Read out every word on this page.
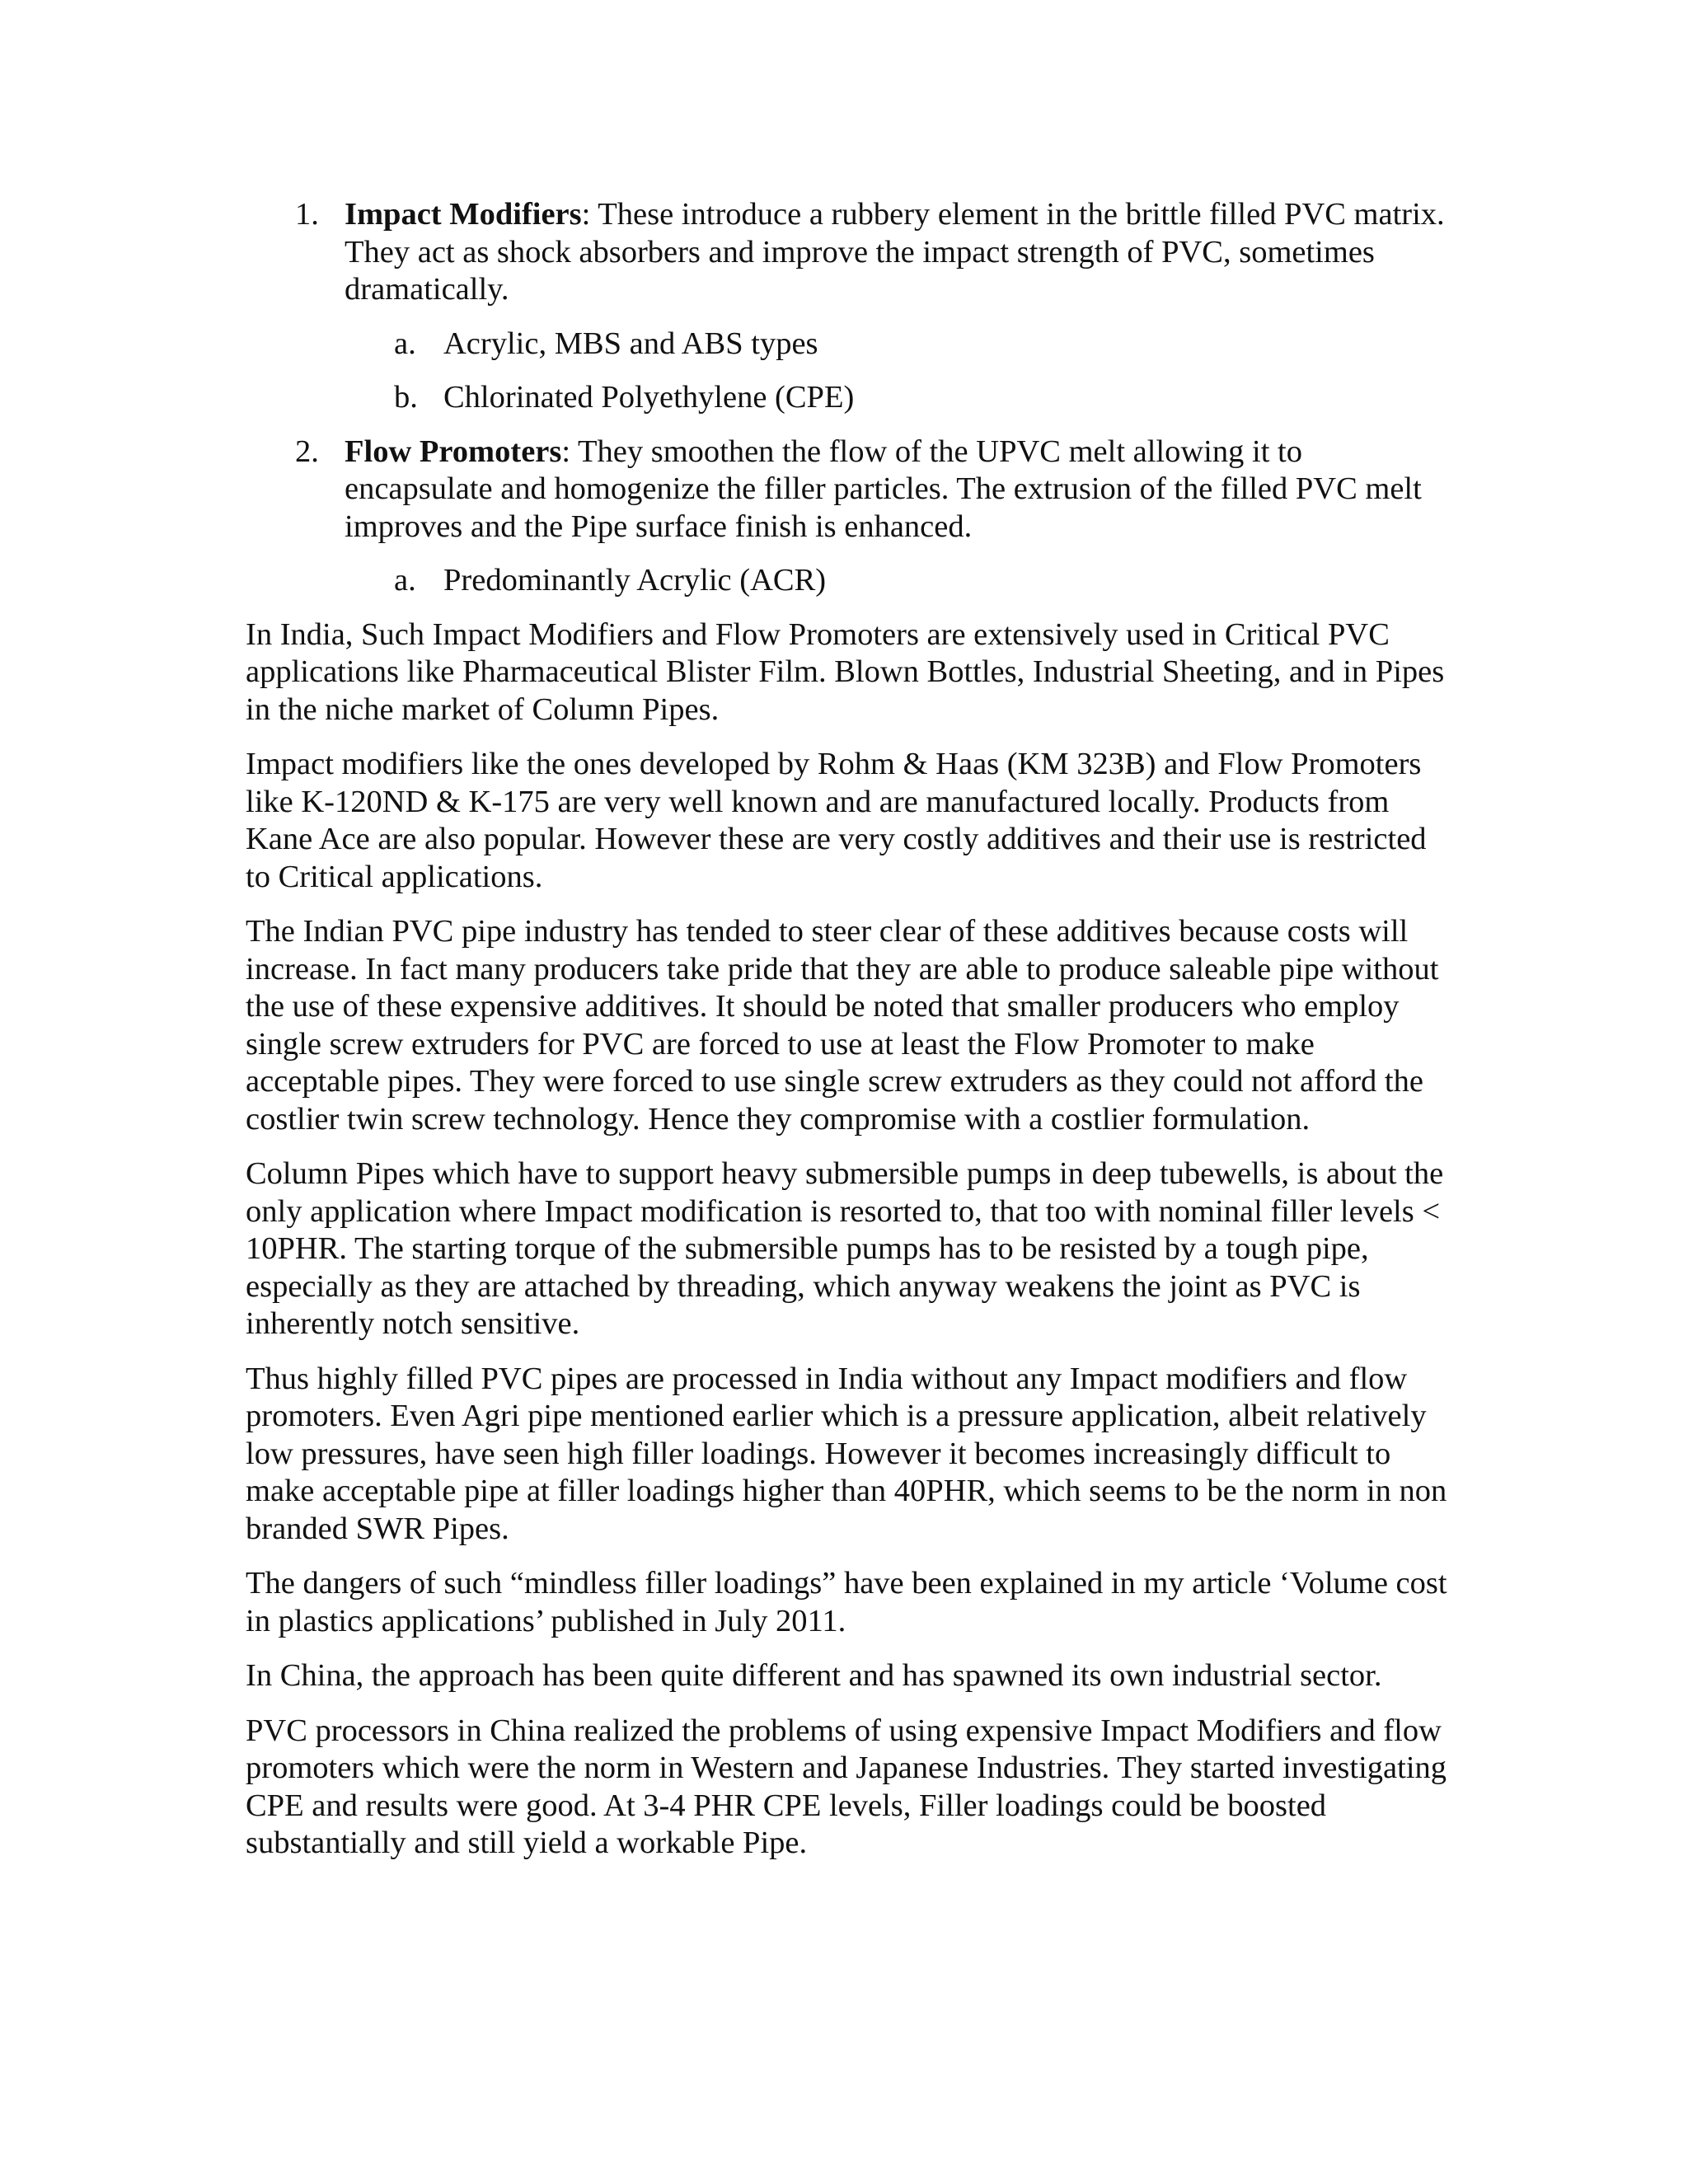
1. Impact Modifiers: These introduce a rubbery element in the brittle filled PVC matrix. They act as shock absorbers and improve the impact strength of PVC, sometimes dramatically.
a. Acrylic, MBS and ABS types
b. Chlorinated Polyethylene (CPE)
2. Flow Promoters: They smoothen the flow of the UPVC melt allowing it to encapsulate and homogenize the filler particles. The extrusion of the filled PVC melt improves and the Pipe surface finish is enhanced.
a. Predominantly Acrylic (ACR)

In India, Such Impact Modifiers and Flow Promoters are extensively used in Critical PVC applications like Pharmaceutical Blister Film. Blown Bottles, Industrial Sheeting, and in Pipes in the niche market of Column Pipes.

Impact modifiers like the ones developed by Rohm & Haas (KM 323B) and Flow Promoters like K-120ND & K-175 are very well known and are manufactured locally. Products from Kane Ace are also popular. However these are very costly additives and their use is restricted to Critical applications.

The Indian PVC pipe industry has tended to steer clear of these additives because costs will increase. In fact many producers take pride that they are able to produce saleable pipe without the use of these expensive additives. It should be noted that smaller producers who employ single screw extruders for PVC are forced to use at least the Flow Promoter to make acceptable pipes. They were forced to use single screw extruders as they could not afford the costlier twin screw technology. Hence they compromise with a costlier formulation.

Column Pipes which have to support heavy submersible pumps in deep tubewells, is about the only application where Impact modification is resorted to, that too with nominal filler levels < 10PHR. The starting torque of the submersible pumps has to be resisted by a tough pipe, especially as they are attached by threading, which anyway weakens the joint as PVC is inherently notch sensitive.

Thus highly filled PVC pipes are processed in India without any Impact modifiers and flow promoters. Even Agri pipe mentioned earlier which is a pressure application, albeit relatively low pressures, have seen high filler loadings. However it becomes increasingly difficult to make acceptable pipe at filler loadings higher than 40PHR, which seems to be the norm in non branded SWR Pipes.

The dangers of such “mindless filler loadings” have been explained in my article ‘Volume cost in plastics applications’ published in July 2011.

In China, the approach has been quite different and has spawned its own industrial sector.

PVC processors in China realized the problems of using expensive Impact Modifiers and flow promoters which were the norm in Western and Japanese Industries. They started investigating CPE and results were good. At 3-4 PHR CPE levels, Filler loadings could be boosted substantially and still yield a workable Pipe.
